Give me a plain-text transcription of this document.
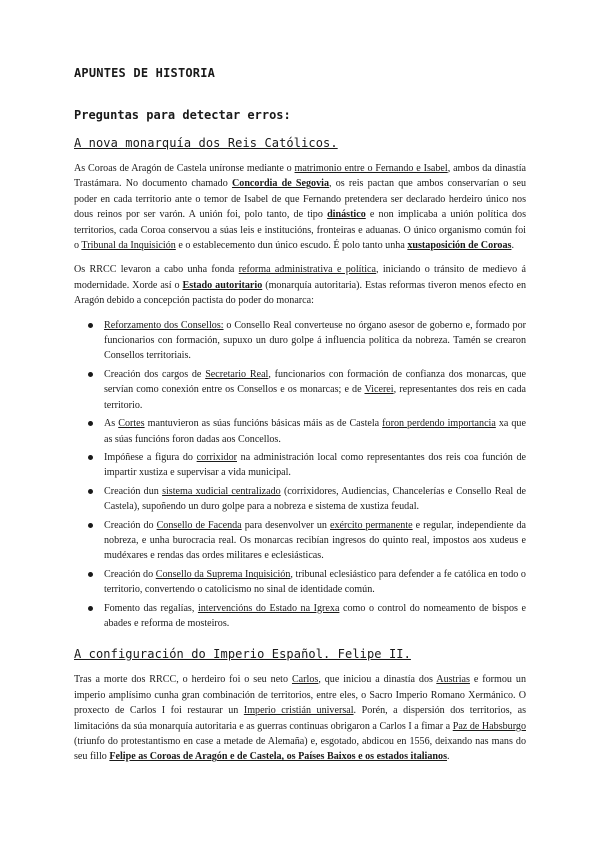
APUNTES DE HISTORIA
Preguntas para detectar erros:
A nova monarquía dos Reis Católicos.

As Coroas de Aragón de Castela uníronse mediante o matrimonio entre o Fernando e Isabel, ambos da dinastía Trastámara. No documento chamado Concordia de Segovia, os reis pactan que ambos conservarían o seu poder en cada territorio ante o temor de Isabel de que Fernando pretendera ser declarado herdeiro único nos dous reinos por ser varón. A unión foi, polo tanto, de tipo dinástico e non implicaba a unión política dos territorios, cada Coroa conservou a súas leis e institucións, fronteiras e aduanas. O único organismo común foi o Tribunal da Inquisición e o establecemento dun único escudo. É polo tanto unha xustaposición de Coroas.

Os RRCC levaron a cabo unha fonda reforma administrativa e política, iniciando o tránsito de medievo á modernidade. Xorde así o Estado autoritario (monarquía autoritaria). Estas reformas tiveron menos efecto en Aragón debido a concepción pactista do poder do monarca:

Reforzamento dos Consellos: o Consello Real converteuse no órgano asesor de goberno e, formado por funcionarios con formación, supuxo un duro golpe á influencia política da nobreza. Tamén se crearon Consellos territoriais.
Creación dos cargos de Secretario Real, funcionarios con formación de confianza dos monarcas, que servían como conexión entre os Consellos e os monarcas; e de Vicerei, representantes dos reis en cada territorio.
As Cortes mantuvieron as súas funcións básicas máis as de Castela foron perdendo importancia xa que as súas funcións foron dadas aos Concellos.
Impóñese a figura do corrixidor na administración local como representantes dos reis coa función de impartir xustiza e supervisar a vida municipal.
Creación dun sistema xudicial centralizado (corrixidores, Audiencias, Chancelerías e Consello Real de Castela), supoñendo un duro golpe para a nobreza e sistema de xustiza feudal.
Creación do Consello de Facenda para desenvolver un exército permanente e regular, independiente da nobreza, e unha burocracia real. Os monarcas recibían ingresos do quinto real, impostos aos xudeus e mudéxares e rendas das ordes militares e eclesiásticas.
Creación do Consello da Suprema Inquisición, tribunal eclesiástico para defender a fe católica en todo o territorio, convertendo o catolicismo no sinal de identidade común.
Fomento das regalías, intervencións do Estado na Igrexa como o control do nomeamento de bispos e abades e reforma de mosteiros.
A configuración do Imperio Español. Felipe II.

Tras a morte dos RRCC, o herdeiro foi o seu neto Carlos, que iniciou a dinastía dos Austrias e formou un imperio amplísimo cunha gran combinación de territorios, entre eles, o Sacro Imperio Romano Xermánico. O proxecto de Carlos I foi restaurar un Imperio cristián universal. Porén, a dispersión dos territorios, as limitacións da súa monarquía autoritaria e as guerras continuas obrigaron a Carlos I a fimar a Paz de Habsburgo (triunfo do protestantismo en case a metade de Alemaña) e, esgotado, abdicou en 1556, deixando nas mans do seu fillo Felipe as Coroas de Aragón e de Castela, os Países Baixos e os estados italianos.
